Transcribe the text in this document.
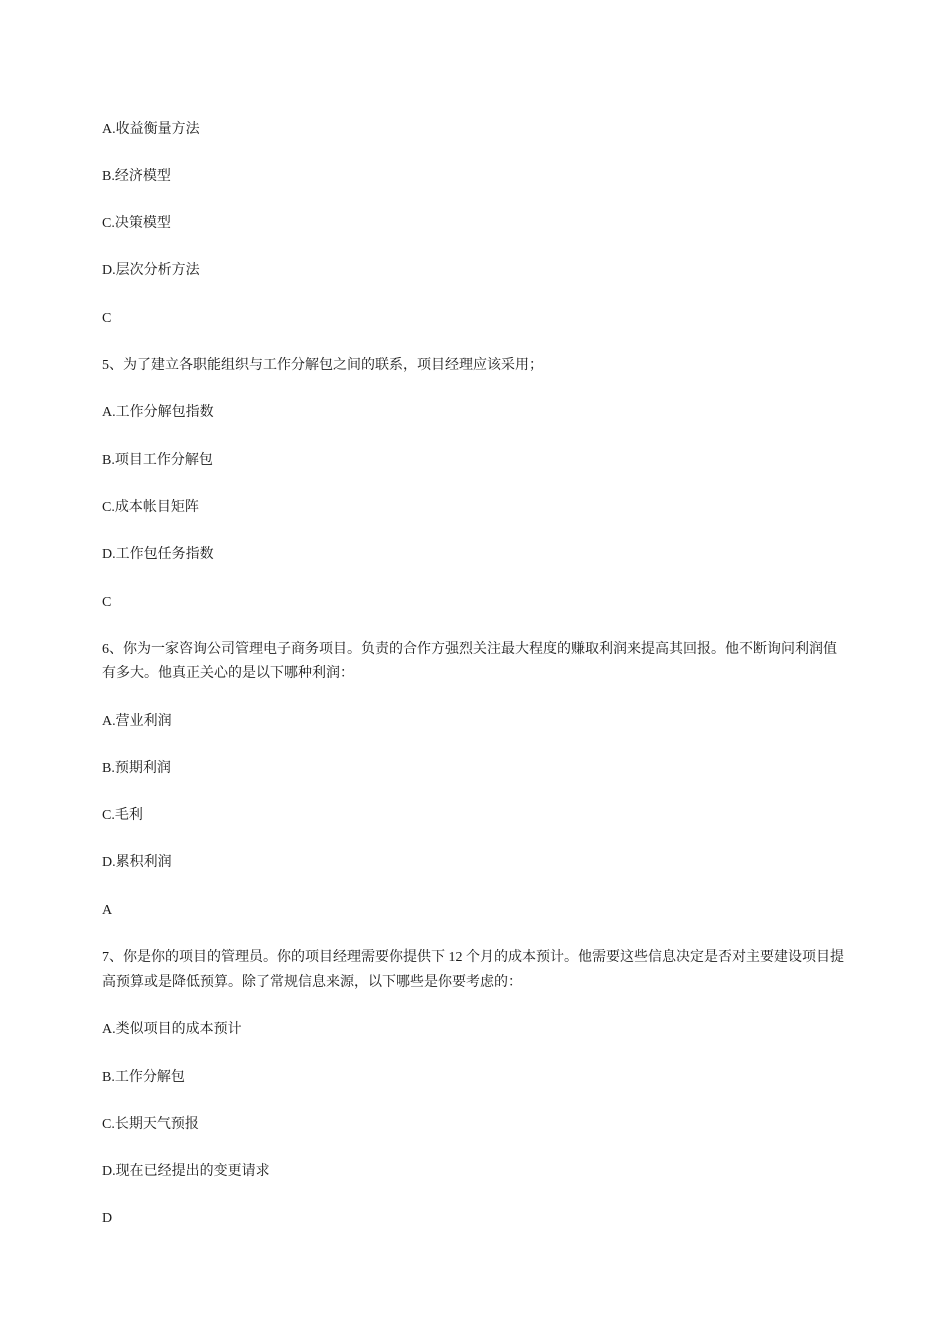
A.收益衡量方法
B.经济模型
C.决策模型
D.层次分析方法
C
5、为了建立各职能组织与工作分解包之间的联系，项目经理应该采用；
A.工作分解包指数
B.项目工作分解包
C.成本帐目矩阵
D.工作包任务指数
C
6、你为一家咨询公司管理电子商务项目。负责的合作方强烈关注最大程度的赚取利润来提高其回报。他不断询问利润值
有多大。他真正关心的是以下哪种利润：
A.营业利润
B.预期利润
C.毛利
D.累积利润
A
7、你是你的项目的管理员。你的项目经理需要你提供下 12 个月的成本预计。他需要这些信息决定是否对主要建设项目提
高预算或是降低预算。除了常规信息来源，以下哪些是你要考虑的：
A.类似项目的成本预计
B.工作分解包
C.长期天气预报
D.现在已经提出的变更请求
D
